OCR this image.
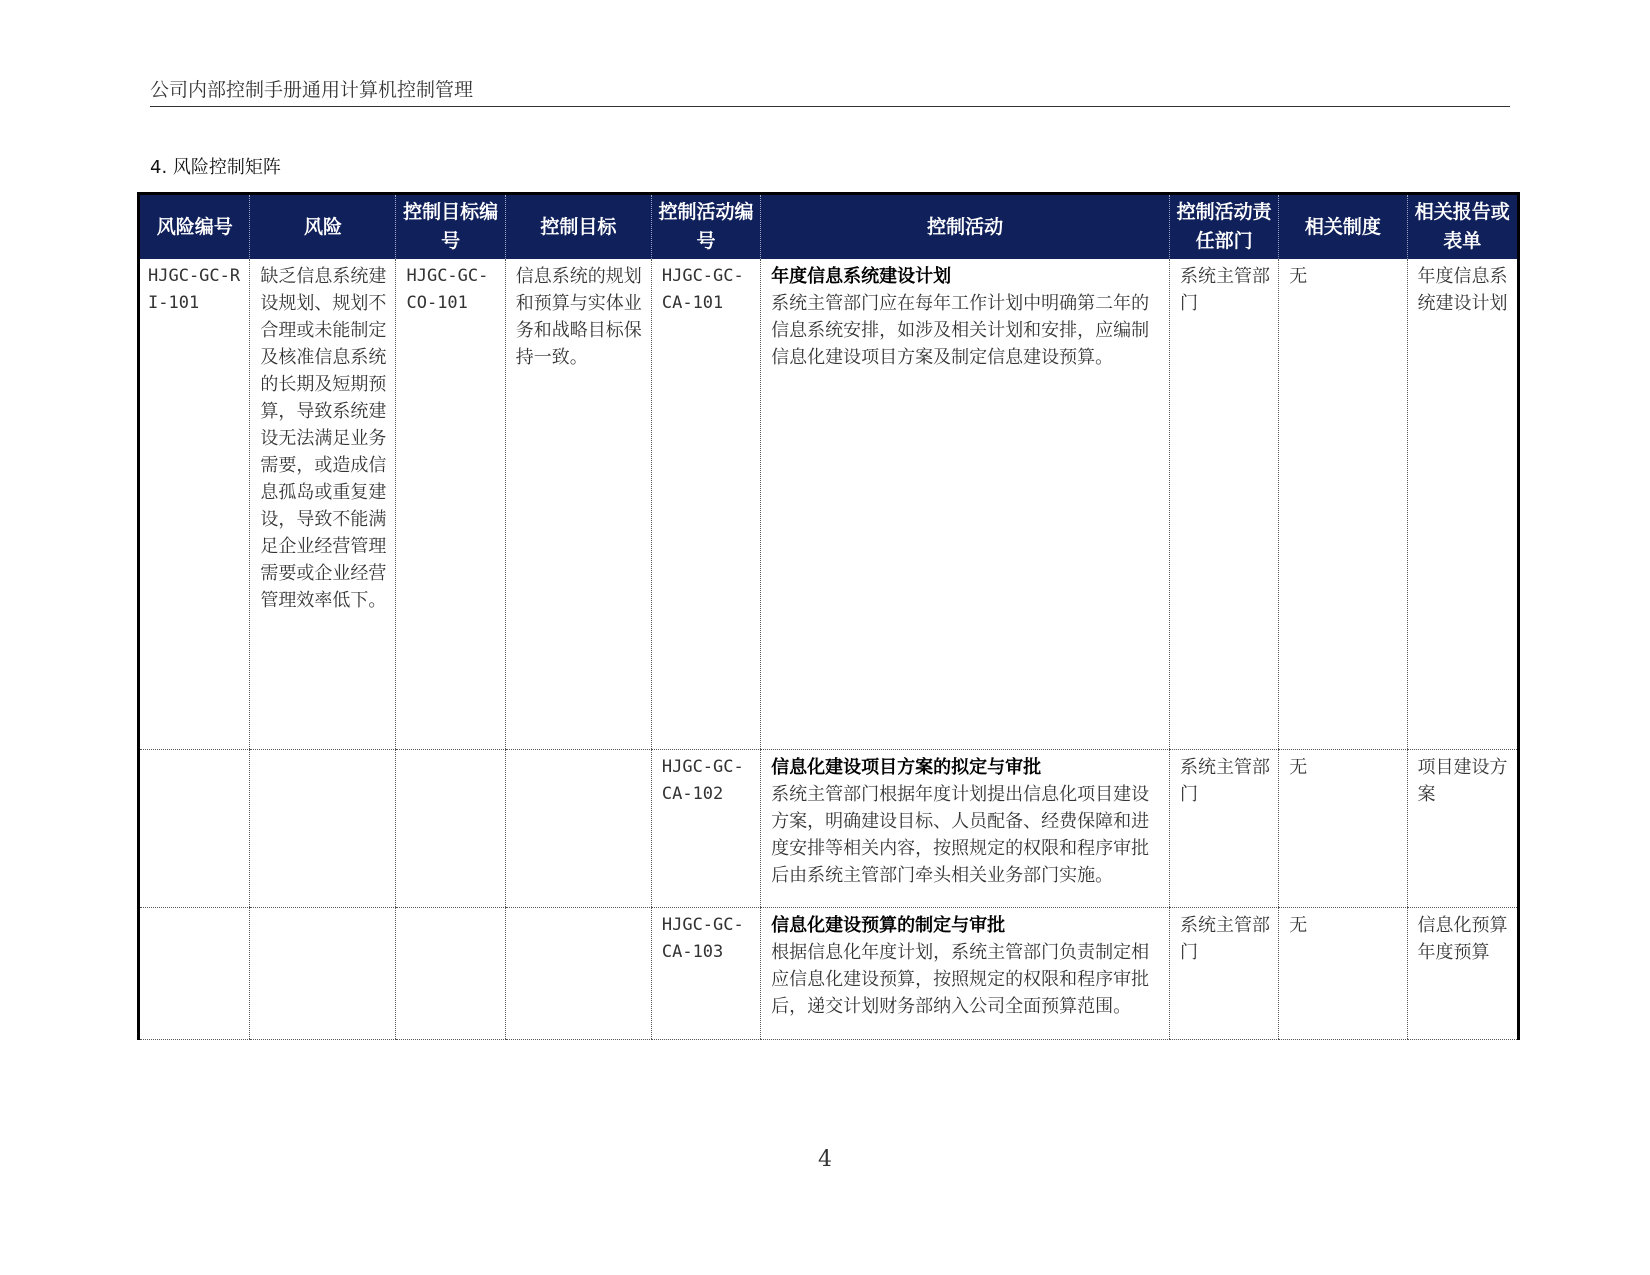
公司内部控制手册通用计算机控制管理
4. 风险控制矩阵
风险编号	风险	控制目标编号	控制目标	控制活动编号	控制活动	控制活动责任部门	相关制度	相关报告或表单
HJGC-GC-RI-101	缺乏信息系统建设规划、规划不合理或未能制定及核准信息系统的长期及短期预算，导致系统建设无法满足业务需要，或造成信息孤岛或重复建设，导致不能满足企业经营管理需要或企业经营管理效率低下。	HJGC-GC-CO-101	信息系统的规划和预算与实体业务和战略目标保持一致。	HJGC-GC-CA-101	年度信息系统建设计划
系统主管部门应在每年工作计划中明确第二年的信息系统安排，如涉及相关计划和安排，应编制信息化建设项目方案及制定信息建设预算。	系统主管部门	无	年度信息系统建设计划
				HJGC-GC-CA-102	信息化建设项目方案的拟定与审批
系统主管部门根据年度计划提出信息化项目建设方案，明确建设目标、人员配备、经费保障和进度安排等相关内容，按照规定的权限和程序审批后由系统主管部门牵头相关业务部门实施。	系统主管部门	无	项目建设方案
				HJGC-GC-CA-103	信息化建设预算的制定与审批
根据信息化年度计划，系统主管部门负责制定相应信息化建设预算，按照规定的权限和程序审批后，递交计划财务部纳入公司全面预算范围。	系统主管部门	无	信息化预算年度预算
4
